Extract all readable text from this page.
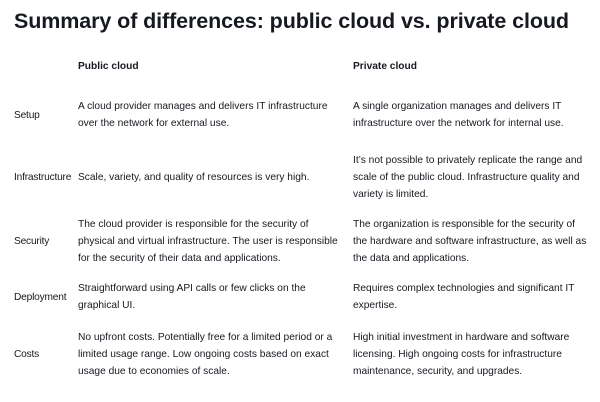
Summary of differences: public cloud vs. private cloud
	Public cloud	Private cloud
Setup	A cloud provider manages and delivers IT infrastructure over the network for external use.	A single organization manages and delivers IT infrastructure over the network for internal use.
Infrastructure	Scale, variety, and quality of resources is very high.	It’s not possible to privately replicate the range and scale of the public cloud. Infrastructure quality and variety is limited.
Security	The cloud provider is responsible for the security of physical and virtual infrastructure. The user is responsible for the security of their data and applications.	The organization is responsible for the security of the hardware and software infrastructure, as well as the data and applications.
Deployment	Straightforward using API calls or few clicks on the graphical UI.	Requires complex technologies and significant IT expertise.
Costs	No upfront costs. Potentially free for a limited period or a limited usage range. Low ongoing costs based on exact usage due to economies of scale.	High initial investment in hardware and software licensing. High ongoing costs for infrastructure maintenance, security, and upgrades.
